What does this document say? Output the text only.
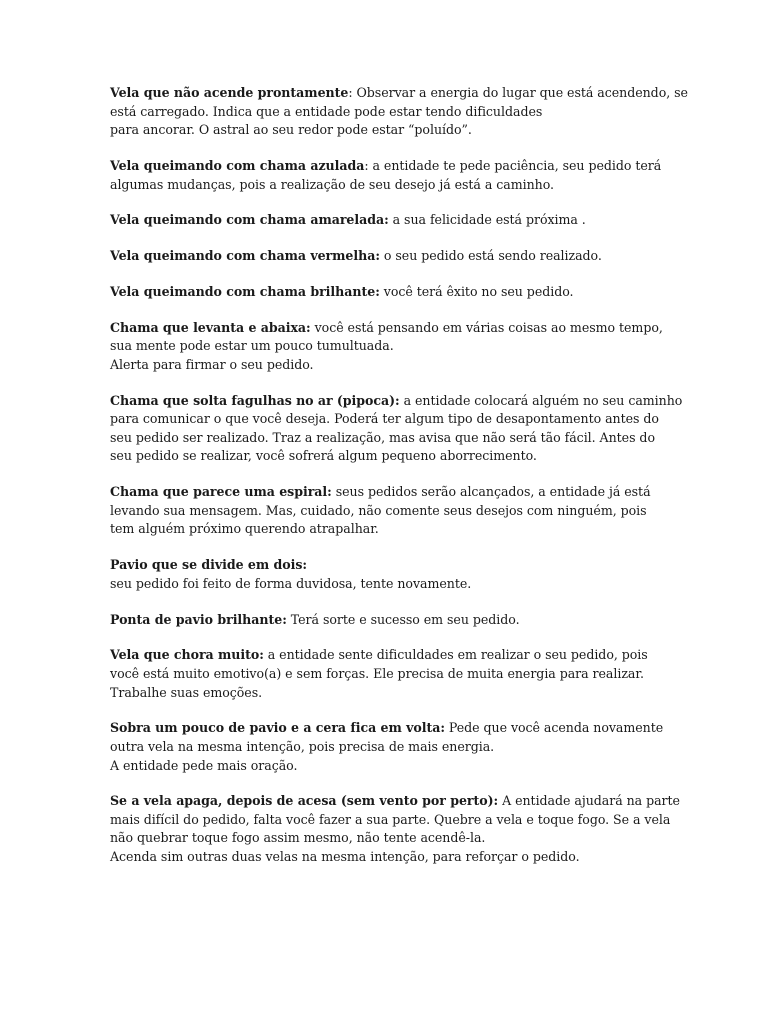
Vela que não acende prontamente: Observar a energia do lugar que está acendendo, se
está carregado. Indica que a entidade pode estar tendo dificuldades
para ancorar. O astral ao seu redor pode estar “poluído”.
Vela queimando com chama azulada: a entidade te pede paciência, seu pedido terá
algumas mudanças, pois a realização de seu desejo já está a caminho.
Vela queimando com chama amarelada: a sua felicidade está próxima .
Vela queimando com chama vermelha: o seu pedido está sendo realizado.
Vela queimando com chama brilhante: você terá êxito no seu pedido.
Chama que levanta e abaixa: você está pensando em várias coisas ao mesmo tempo,
sua mente pode estar um pouco tumultuada.
Alerta para firmar o seu pedido.
Chama que solta fagulhas no ar (pipoca): a entidade colocará alguém no seu caminho
para comunicar o que você deseja. Poderá ter algum tipo de desapontamento antes do
seu pedido ser realizado. Traz a realização, mas avisa que não será tão fácil. Antes do
seu pedido se realizar, você sofrerá algum pequeno aborrecimento.
Chama que parece uma espiral: seus pedidos serão alcançados, a entidade já está
levando sua mensagem. Mas, cuidado, não comente seus desejos com ninguém, pois
tem alguém próximo querendo atrapalhar.
Pavio que se divide em dois:
seu pedido foi feito de forma duvidosa, tente novamente.
Ponta de pavio brilhante: Terá sorte e sucesso em seu pedido.
Vela que chora muito: a entidade sente dificuldades em realizar o seu pedido, pois
você está muito emotivo(a) e sem forças. Ele precisa de muita energia para realizar.
Trabalhe suas emoções.
Sobra um pouco de pavio e a cera fica em volta: Pede que você acenda novamente
outra vela na mesma intenção, pois precisa de mais energia.
A entidade pede mais oração.
Se a vela apaga, depois de acesa (sem vento por perto): A entidade ajudará na parte
mais difícil do pedido, falta você fazer a sua parte. Quebre a vela e toque fogo. Se a vela
não quebrar toque fogo assim mesmo, não tente acendê-la.
Acenda sim outras duas velas na mesma intenção, para reforçar o pedido.
